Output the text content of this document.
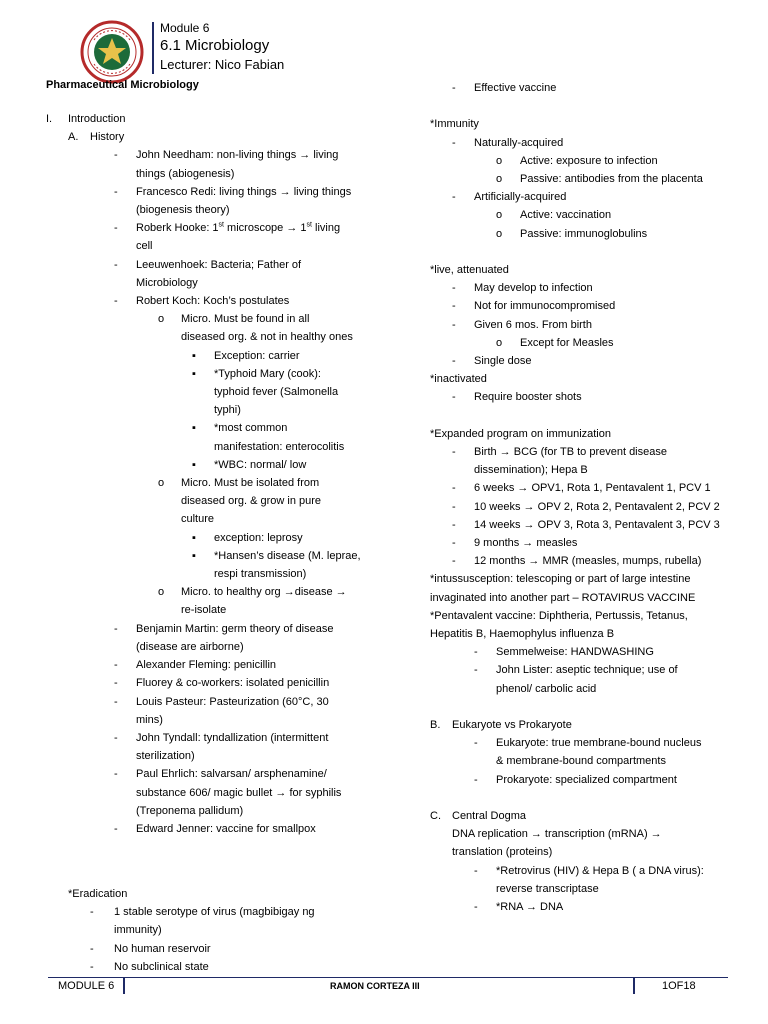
Module 6
6.1 Microbiology
Lecturer: Nico Fabian
Pharmaceutical Microbiology
I.	Introduction
A.	History
-	John Needham: non-living things → living
things (abiogenesis)
-	Francesco Redi: living things → living things
(biogenesis theory)
-	Roberk Hooke: 1st microscope → 1st living
cell
-	Leeuwenhoek: Bacteria; Father of
Microbiology
-	Robert Koch: Koch’s postulates
o	Micro. Must be found in all
diseased org. & not in healthy ones
▪	Exception: carrier
▪	*Typhoid Mary (cook):
typhoid fever (Salmonella
typhi)
▪	*most common
manifestation: enterocolitis
▪	*WBC: normal/ low
o	Micro. Must be isolated from
diseased org. & grow in pure
culture
▪	exception: leprosy
▪	*Hansen’s disease (M. leprae,
respi transmission)
o	Micro. to healthy org →disease →
re-isolate
-	Benjamin Martin: germ theory of disease
(disease are airborne)
-	Alexander Fleming: penicillin
-	Fluorey & co-workers: isolated penicillin
-	Louis Pasteur: Pasteurization (60°C, 30
mins)
-	John Tyndall: tyndallization (intermittent
sterilization)
-	Paul Ehrlich: salvarsan/ arsphenamine/
substance 606/ magic bullet → for syphilis
(Treponema pallidum)
-	Edward Jenner: vaccine for smallpox
*Eradication
-	1 stable serotype of virus (magbibigay ng
immunity)
-	No human reservoir
-	No subclinical state
-	Effective vaccine
*Immunity
-	Naturally-acquired
o	Active: exposure to infection
o	Passive: antibodies from the placenta
-	Artificially-acquired
o	Active: vaccination
o	Passive: immunoglobulins
*live, attenuated
-	May develop to infection
-	Not for immunocompromised
-	Given 6 mos. From birth
o	Except for Measles
-	Single dose
*inactivated
-	Require booster shots
*Expanded program on immunization
-	Birth → BCG (for TB to prevent disease
dissemination); Hepa B
-	6 weeks → OPV1, Rota 1, Pentavalent 1, PCV 1
-	10 weeks → OPV 2, Rota 2, Pentavalent 2, PCV 2
-	14 weeks → OPV 3, Rota 3, Pentavalent 3, PCV 3
-	9 months → measles
-	12 months → MMR (measles, mumps, rubella)
*intussusception: telescoping or part of large intestine
invaginated into another part – ROTAVIRUS VACCINE
*Pentavalent vaccine: Diphtheria, Pertussis, Tetanus,
Hepatitis B, Haemophylus influenza B
-	Semmelweise: HANDWASHING
-	John Lister: aseptic technique; use of
phenol/ carbolic acid
B.	Eukaryote vs Prokaryote
-	Eukaryote: true membrane-bound nucleus
& membrane-bound compartments
-	Prokaryote: specialized compartment
C.	Central Dogma
DNA replication → transcription (mRNA) →
translation (proteins)
-	*Retrovirus (HIV) & Hepa B ( a DNA virus):
reverse transcriptase
-	*RNA → DNA
MODULE 6	RAMON CORTEZA III	1OF18
